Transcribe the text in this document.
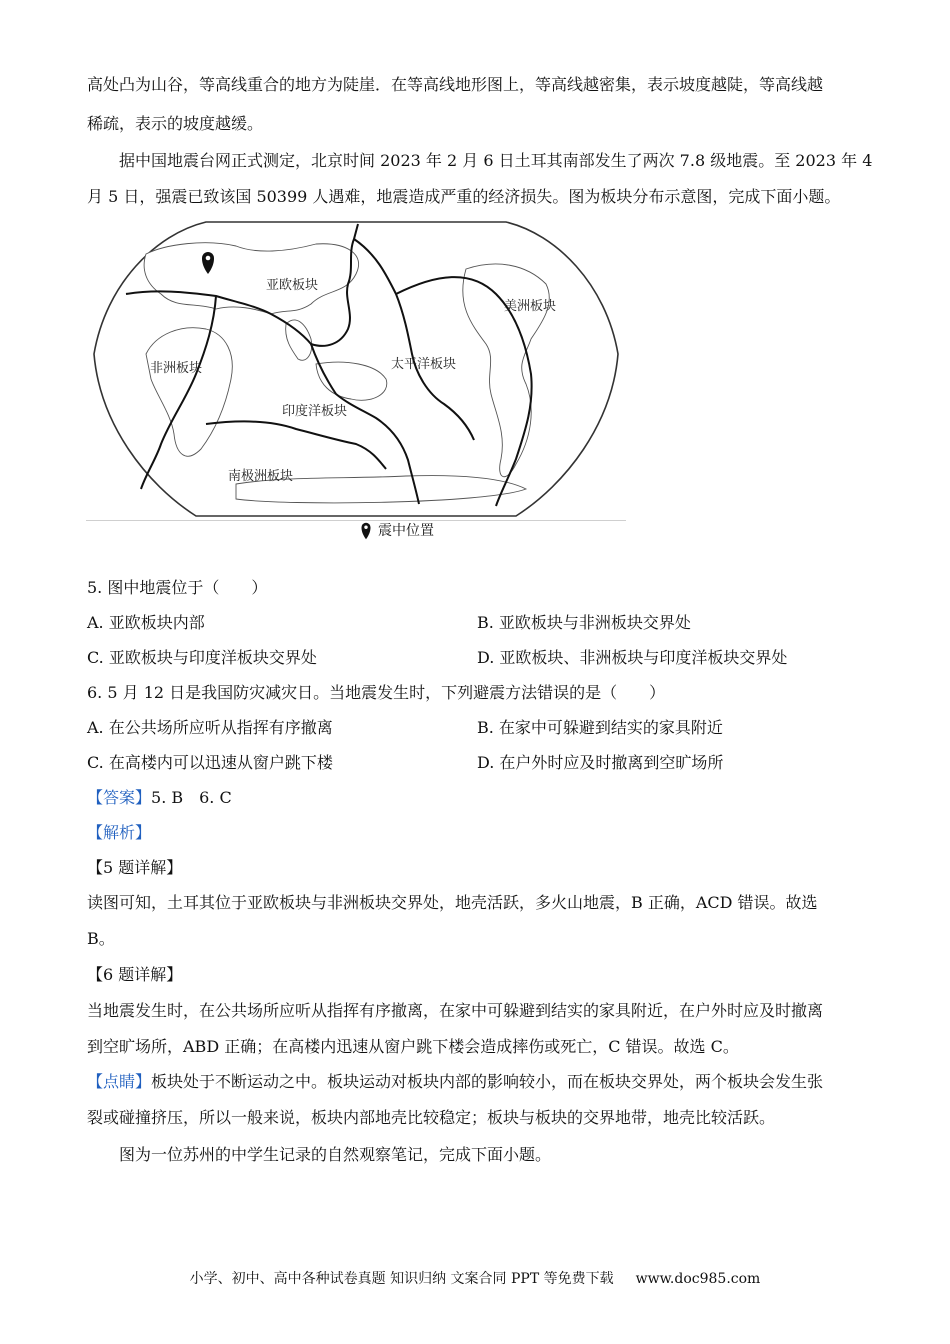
高处凸为山谷，等高线重合的地方为陡崖．在等高线地形图上，等高线越密集，表示坡度越陡，等高线越
稀疏，表示的坡度越缓。
据中国地震台网正式测定，北京时间 2023 年 2 月 6 日土耳其南部发生了两次 7.8 级地震。至 2023 年 4
月 5 日，强震已致该国 50399 人遇难，地震造成严重的经济损失。图为板块分布示意图，完成下面小题。
亚欧板块
美洲板块
非洲板块	太平洋板块
印度洋板块
南极洲板块
震中位置
5. 图中地震位于（　　）
A. 亚欧板块内部	B. 亚欧板块与非洲板块交界处
C. 亚欧板块与印度洋板块交界处	D. 亚欧板块、非洲板块与印度洋板块交界处
6. 5 月 12 日是我国防灾减灾日。当地震发生时，下列避震方法错误的是（　　）
A. 在公共场所应听从指挥有序撤离	B. 在家中可躲避到结实的家具附近
C. 在高楼内可以迅速从窗户跳下楼	D. 在户外时应及时撤离到空旷场所
【答案】5. B　6. C
【解析】
【5 题详解】
读图可知，土耳其位于亚欧板块与非洲板块交界处，地壳活跃，多火山地震，B 正确，ACD 错误。故选
B。
【6 题详解】
当地震发生时，在公共场所应听从指挥有序撤离，在家中可躲避到结实的家具附近，在户外时应及时撤离
到空旷场所，ABD 正确；在高楼内迅速从窗户跳下楼会造成摔伤或死亡，C 错误。故选 C。
【点睛】板块处于不断运动之中。板块运动对板块内部的影响较小，而在板块交界处，两个板块会发生张
裂或碰撞挤压，所以一般来说，板块内部地壳比较稳定；板块与板块的交界地带，地壳比较活跃。
图为一位苏州的中学生记录的自然观察笔记，完成下面小题。
小学、初中、高中各种试卷真题 知识归纳 文案合同 PPT 等免费下载 www.doc985.com
